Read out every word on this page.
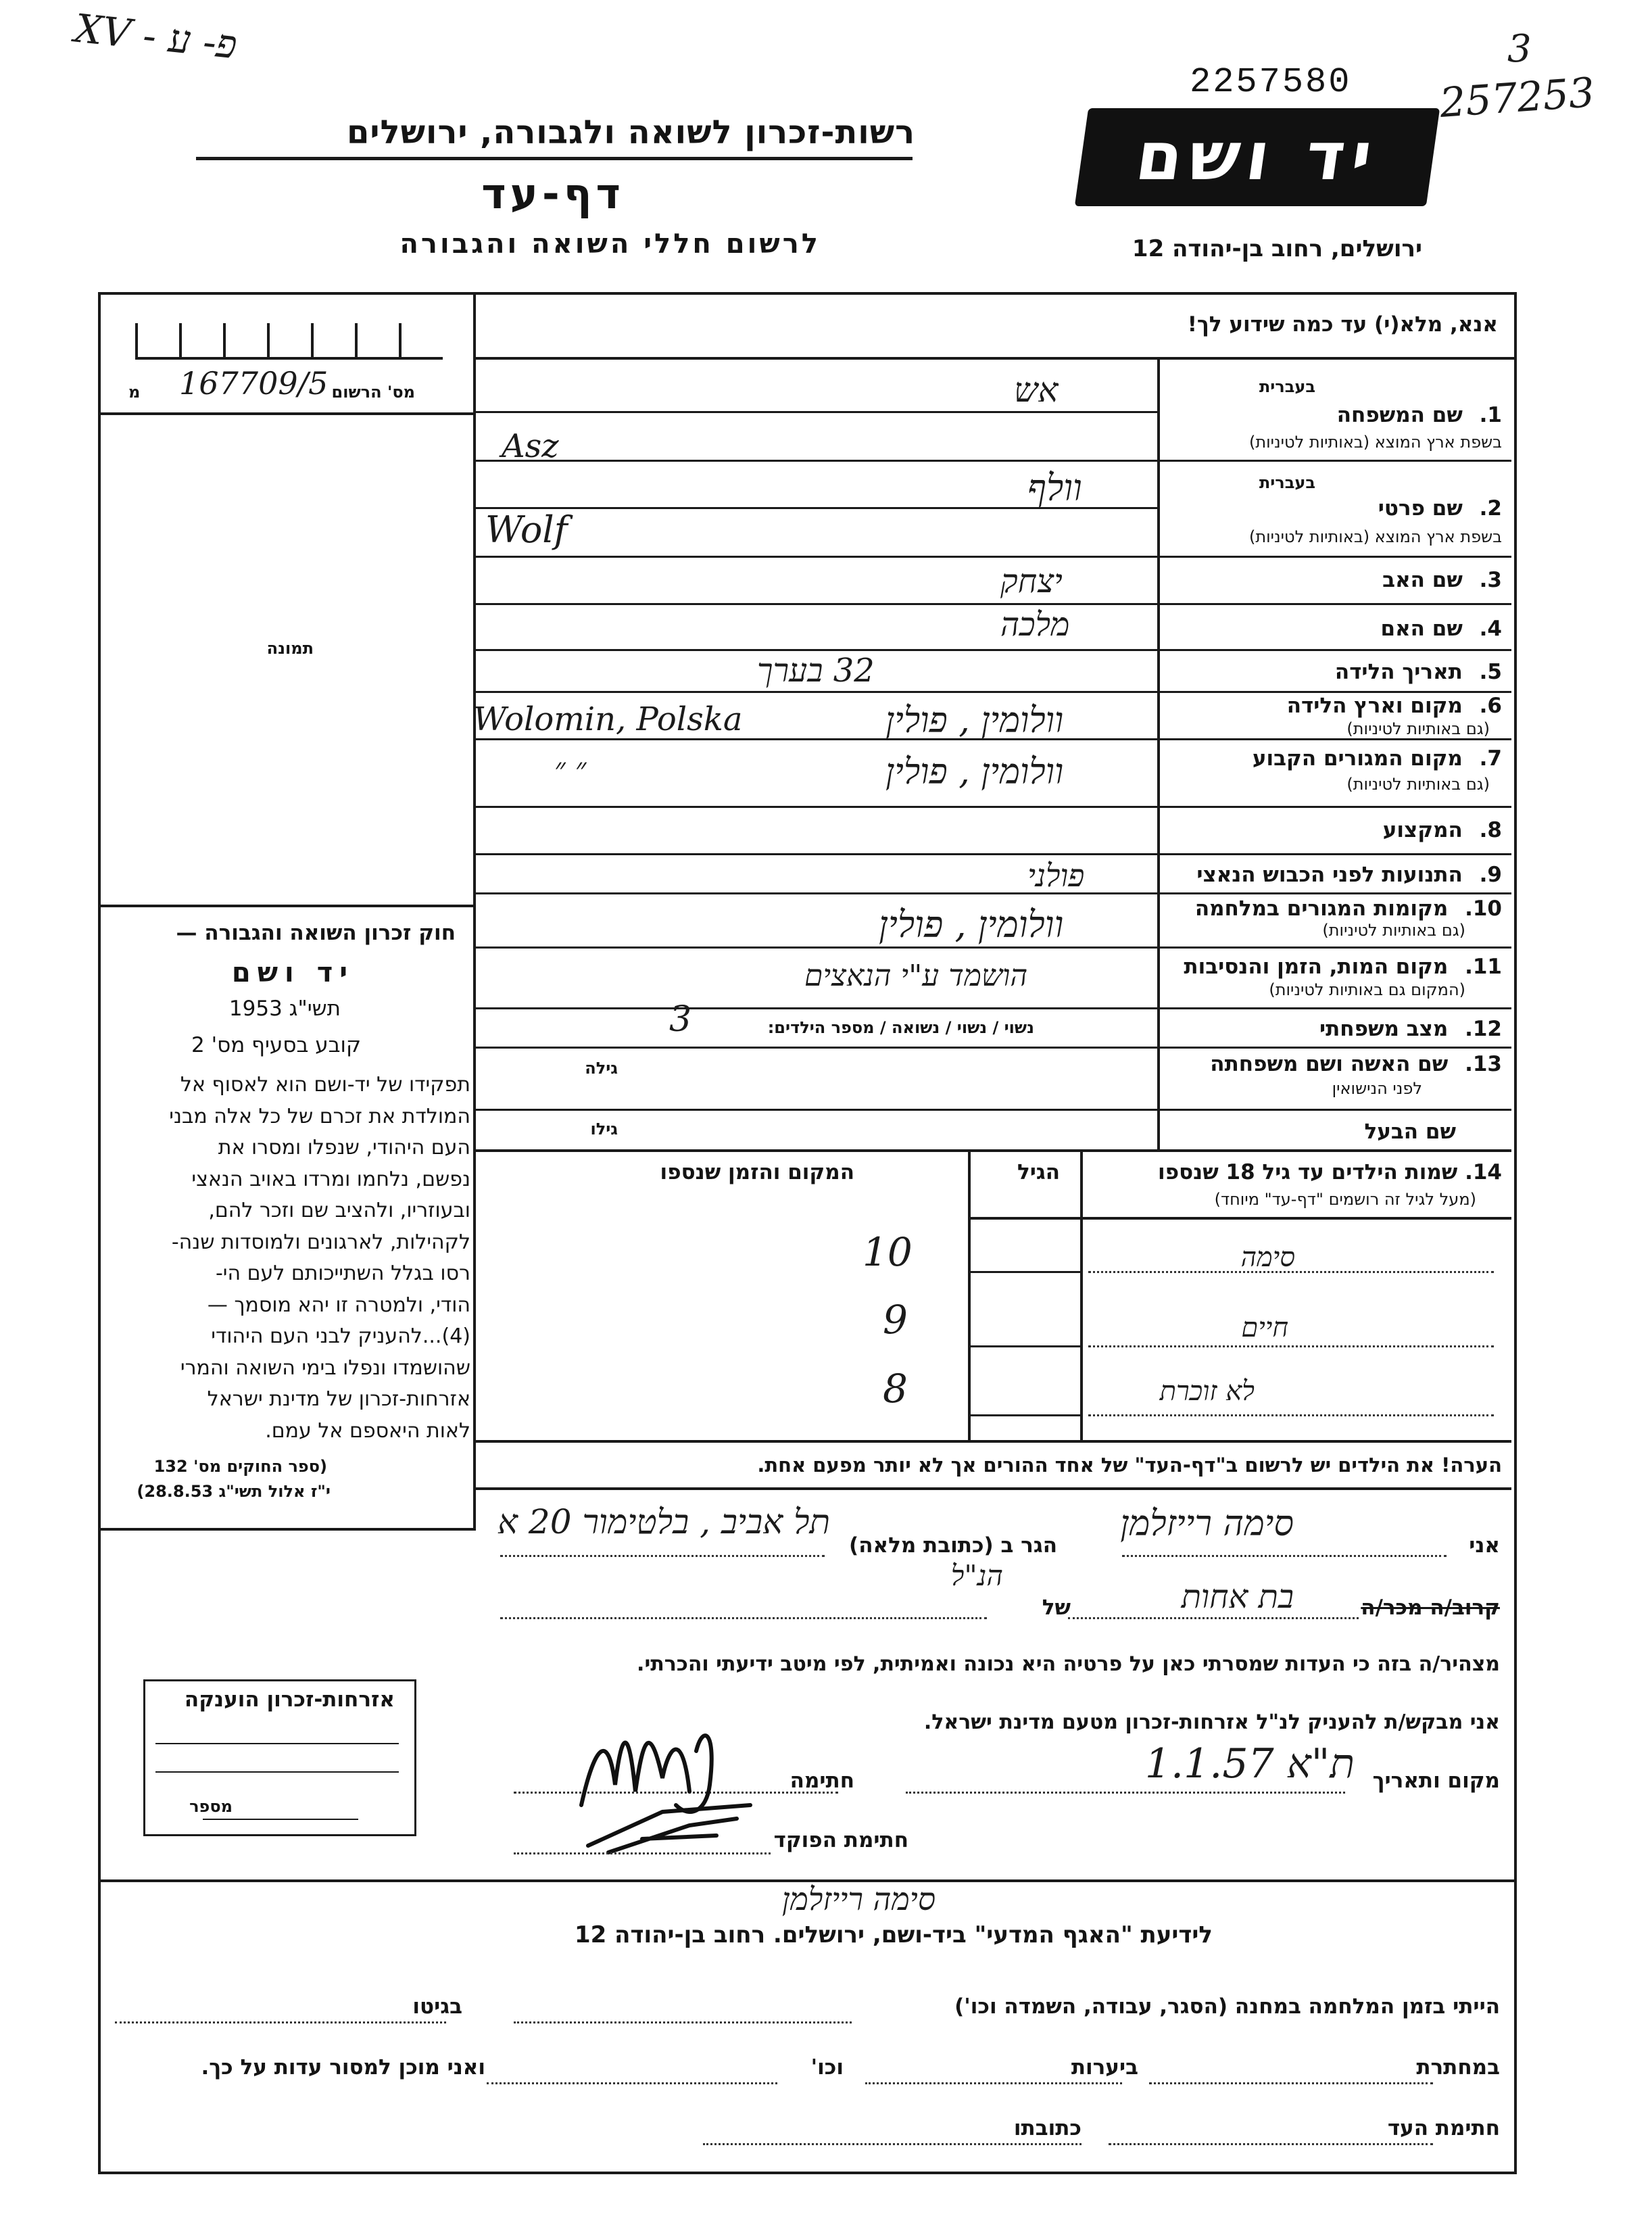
XV - פ- ע
רשות-זכרון לשואה ולגבורה, ירושלים
דף-עד
לרשום חללי השואה והגבורה
2257580
3
257253
יד ושם
ירושלים, רחוב בן-יהודה 12
אנא, מלא(י) עד כמה שידוע לך!
מס' הרשום
מ 167709/5
תמונה
חוק זכרון השואה והגבורה —
יד ושם
תשי"ג 1953
קובע בסעיף מס' 2
תפקידו של יד-ושם הוא לאסוף אל
המולדת את זכרם של כל אלה מבני
העם היהודי, שנפלו ומסרו את
נפשם, נלחמו ומרדו באויב הנאצי
ובעוזריו, ולהציב שם וזכר להם,
לקהילות, לארגונים ולמוסדות שנה-
רסו בגלל השתייכותם לעם הי-
הודי, ולמטרה זו יהא מוסמך —
(4)...להעניק לבני העם היהודי
שהושמדו ונפלו בימי השואה והמרי
אזרחות-זכרון של מדינת ישראל
לאות היאספם אל עמם.
(ספר החוקים מס' 132
י"ז אלול תשי"ג 28.8.53)
בעברית
1. שם המשפחה
בשפת ארץ המוצא (באותיות לטיניות)
אש
Asz
בעברית
2. שם פרטי
בשפת ארץ המוצא (באותיות לטיניות)
וולף
Wolf
3. שם האב
יצחק
4. שם האם
מלכה
5. תאריך הלידה
32 בערך
6. מקום וארץ הלידה
(גם באותיות לטיניות)
וולומין , פולין
Wolomin, Polska
7. מקום המגורים הקבוע
(גם באותיות לטיניות)
וולומין , פולין
״ ״
8. המקצוע
9. התנועות לפני הכבוש הנאצי
פולני
10. מקומות המגורים במלחמה
(גם באותיות לטיניות)
וולומין , פולין
11. מקום המות, הזמן והנסיבות
(המקום גם באותיות לטיניות)
הושמד ע"י הנאצים
12. מצב משפחתי
נשוי / נשוי / נשואה / מספר הילדים:
3
13. שם האשה ושם משפחתה
לפני הנישואין
גילה
שם הבעל
גילו
14. שמות הילדים עד גיל 18 שנספו
(מעל לגיל זה רושמים "דף-עד" מיוחד)
הגיל
המקום והזמן שנספו
סימה
10
חיים
9
לא זוכרת
8
הערה! את הילדים יש לרשום ב"דף-העד" של אחד ההורים אך לא יותר מפעם אחת.
אני
סימה רייזלמן
הגר ב (כתובת מלאה)
תל אביב , בלטימור 20 א
קרוב/ה מכר/ה
בת אחות
של
הנ"ל
מצהיר/ה בזה כי העדות שמסרתי כאן על פרטיה היא נכונה ואמיתית, לפי מיטב ידיעתי והכרתי.
אני מבקש/ת להעניק לנ"ל אזרחות-זכרון מטעם מדינת ישראל.
מקום ותאריך
ת"א 1.1.57
חתימה
חתימת הפוקד
אזרחות-זכרון הוענקה
מספר
סימה רייזלמן
לידיעת "האגף המדעי" ביד-ושם, ירושלים. רחוב בן-יהודה 12
הייתי בזמן המלחמה במחנה (הסגר, עבודה, השמדה וכו')
בגיטו
במחתרת
ביערות
וכו'
ואני מוכן למסור עדות על כך.
חתימת העד
כתובתו
